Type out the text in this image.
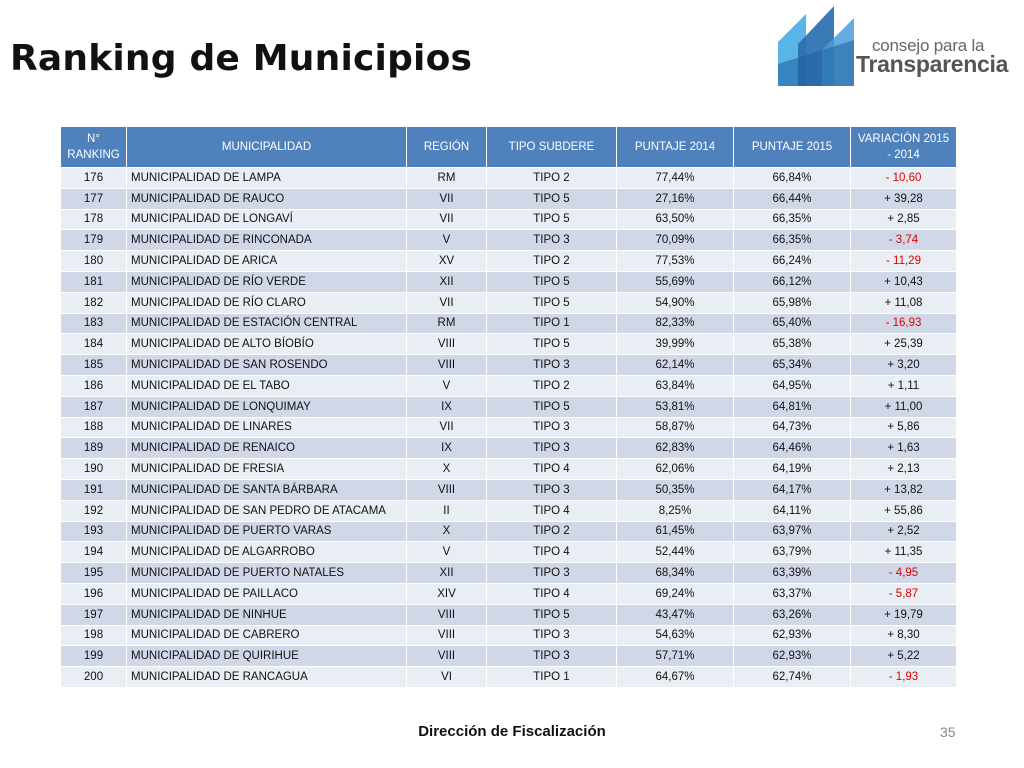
Ranking de Municipios	consejo para la
Transparencia
N° RANKING	MUNICIPALIDAD	REGIÓN	TIPO SUBDERE	PUNTAJE 2014	PUNTAJE 2015	VARIACIÓN 2015 - 2014
176	MUNICIPALIDAD DE LAMPA	RM	TIPO 2	77,44%	66,84%	- 10,60
177	MUNICIPALIDAD DE RAUCO	VII	TIPO 5	27,16%	66,44%	+ 39,28
178	MUNICIPALIDAD DE LONGAVÍ	VII	TIPO 5	63,50%	66,35%	+ 2,85
179	MUNICIPALIDAD DE RINCONADA	V	TIPO 3	70,09%	66,35%	- 3,74
180	MUNICIPALIDAD DE ARICA	XV	TIPO 2	77,53%	66,24%	- 11,29
181	MUNICIPALIDAD DE RÍO VERDE	XII	TIPO 5	55,69%	66,12%	+ 10,43
182	MUNICIPALIDAD DE RÍO CLARO	VII	TIPO 5	54,90%	65,98%	+ 11,08
183	MUNICIPALIDAD DE ESTACIÓN CENTRAL	RM	TIPO 1	82,33%	65,40%	- 16,93
184	MUNICIPALIDAD DE ALTO BÍOBÍO	VIII	TIPO 5	39,99%	65,38%	+ 25,39
185	MUNICIPALIDAD DE SAN ROSENDO	VIII	TIPO 3	62,14%	65,34%	+ 3,20
186	MUNICIPALIDAD DE EL TABO	V	TIPO 2	63,84%	64,95%	+ 1,11
187	MUNICIPALIDAD DE LONQUIMAY	IX	TIPO 5	53,81%	64,81%	+ 11,00
188	MUNICIPALIDAD DE LINARES	VII	TIPO 3	58,87%	64,73%	+ 5,86
189	MUNICIPALIDAD DE RENAICO	IX	TIPO 3	62,83%	64,46%	+ 1,63
190	MUNICIPALIDAD DE FRESIA	X	TIPO 4	62,06%	64,19%	+ 2,13
191	MUNICIPALIDAD DE SANTA BÁRBARA	VIII	TIPO 3	50,35%	64,17%	+ 13,82
192	MUNICIPALIDAD DE SAN PEDRO DE ATACAMA	II	TIPO 4	8,25%	64,11%	+ 55,86
193	MUNICIPALIDAD DE PUERTO VARAS	X	TIPO 2	61,45%	63,97%	+ 2,52
194	MUNICIPALIDAD DE ALGARROBO	V	TIPO 4	52,44%	63,79%	+ 11,35
195	MUNICIPALIDAD DE PUERTO NATALES	XII	TIPO 3	68,34%	63,39%	- 4,95
196	MUNICIPALIDAD DE PAILLACO	XIV	TIPO 4	69,24%	63,37%	- 5,87
197	MUNICIPALIDAD DE NINHUE	VIII	TIPO 5	43,47%	63,26%	+ 19,79
198	MUNICIPALIDAD DE CABRERO	VIII	TIPO 3	54,63%	62,93%	+ 8,30
199	MUNICIPALIDAD DE QUIRIHUE	VIII	TIPO 3	57,71%	62,93%	+ 5,22
200	MUNICIPALIDAD DE RANCAGUA	VI	TIPO 1	64,67%	62,74%	- 1,93
Dirección de Fiscalización	35
